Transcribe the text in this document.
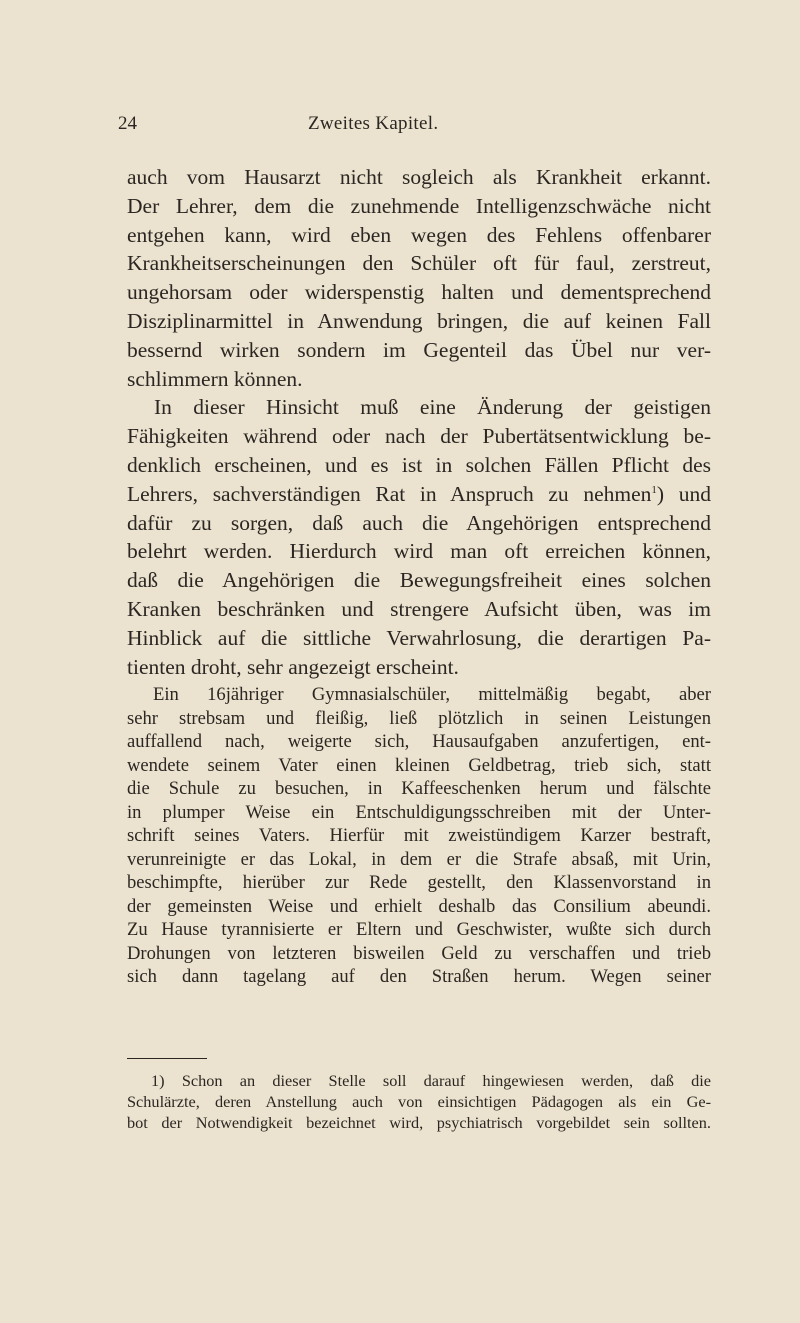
24	Zweites Kapitel.
auch vom Hausarzt nicht sogleich als Krankheit erkannt.
Der Lehrer, dem die zunehmende Intelligenzschwäche nicht
entgehen kann, wird eben wegen des Fehlens offenbarer
Krankheitserscheinungen den Schüler oft für faul, zerstreut,
ungehorsam oder widerspenstig halten und dementsprechend
Disziplinarmittel in Anwendung bringen, die auf keinen Fall
bessernd wirken sondern im Gegenteil das Übel nur ver-
schlimmern können.
In dieser Hinsicht muß eine Änderung der geistigen
Fähigkeiten während oder nach der Pubertätsentwicklung be-
denklich erscheinen, und es ist in solchen Fällen Pflicht des
Lehrers, sachverständigen Rat in Anspruch zu nehmen$^1$) und
dafür zu sorgen, daß auch die Angehörigen entsprechend
belehrt werden. Hierdurch wird man oft erreichen können,
daß die Angehörigen die Bewegungsfreiheit eines solchen
Kranken beschränken und strengere Aufsicht üben, was im
Hinblick auf die sittliche Verwahrlosung, die derartigen Pa-
tienten droht, sehr angezeigt erscheint.
Ein 16jähriger Gymnasialschüler, mittelmäßig begabt, aber
sehr strebsam und fleißig, ließ plötzlich in seinen Leistungen
auffallend nach, weigerte sich, Hausaufgaben anzufertigen, ent-
wendete seinem Vater einen kleinen Geldbetrag, trieb sich, statt
die Schule zu besuchen, in Kaffeeschenken herum und fälschte
in plumper Weise ein Entschuldigungsschreiben mit der Unter-
schrift seines Vaters. Hierfür mit zweistündigem Karzer bestraft,
verunreinigte er das Lokal, in dem er die Strafe absaß, mit Urin,
beschimpfte, hierüber zur Rede gestellt, den Klassenvorstand in
der gemeinsten Weise und erhielt deshalb das Consilium abeundi.
Zu Hause tyrannisierte er Eltern und Geschwister, wußte sich durch
Drohungen von letzteren bisweilen Geld zu verschaffen und trieb
sich dann tagelang auf den Straßen herum. Wegen seiner
1) Schon an dieser Stelle soll darauf hingewiesen werden, daß die
Schulärzte, deren Anstellung auch von einsichtigen Pädagogen als ein Ge-
bot der Notwendigkeit bezeichnet wird, psychiatrisch vorgebildet sein sollten.
